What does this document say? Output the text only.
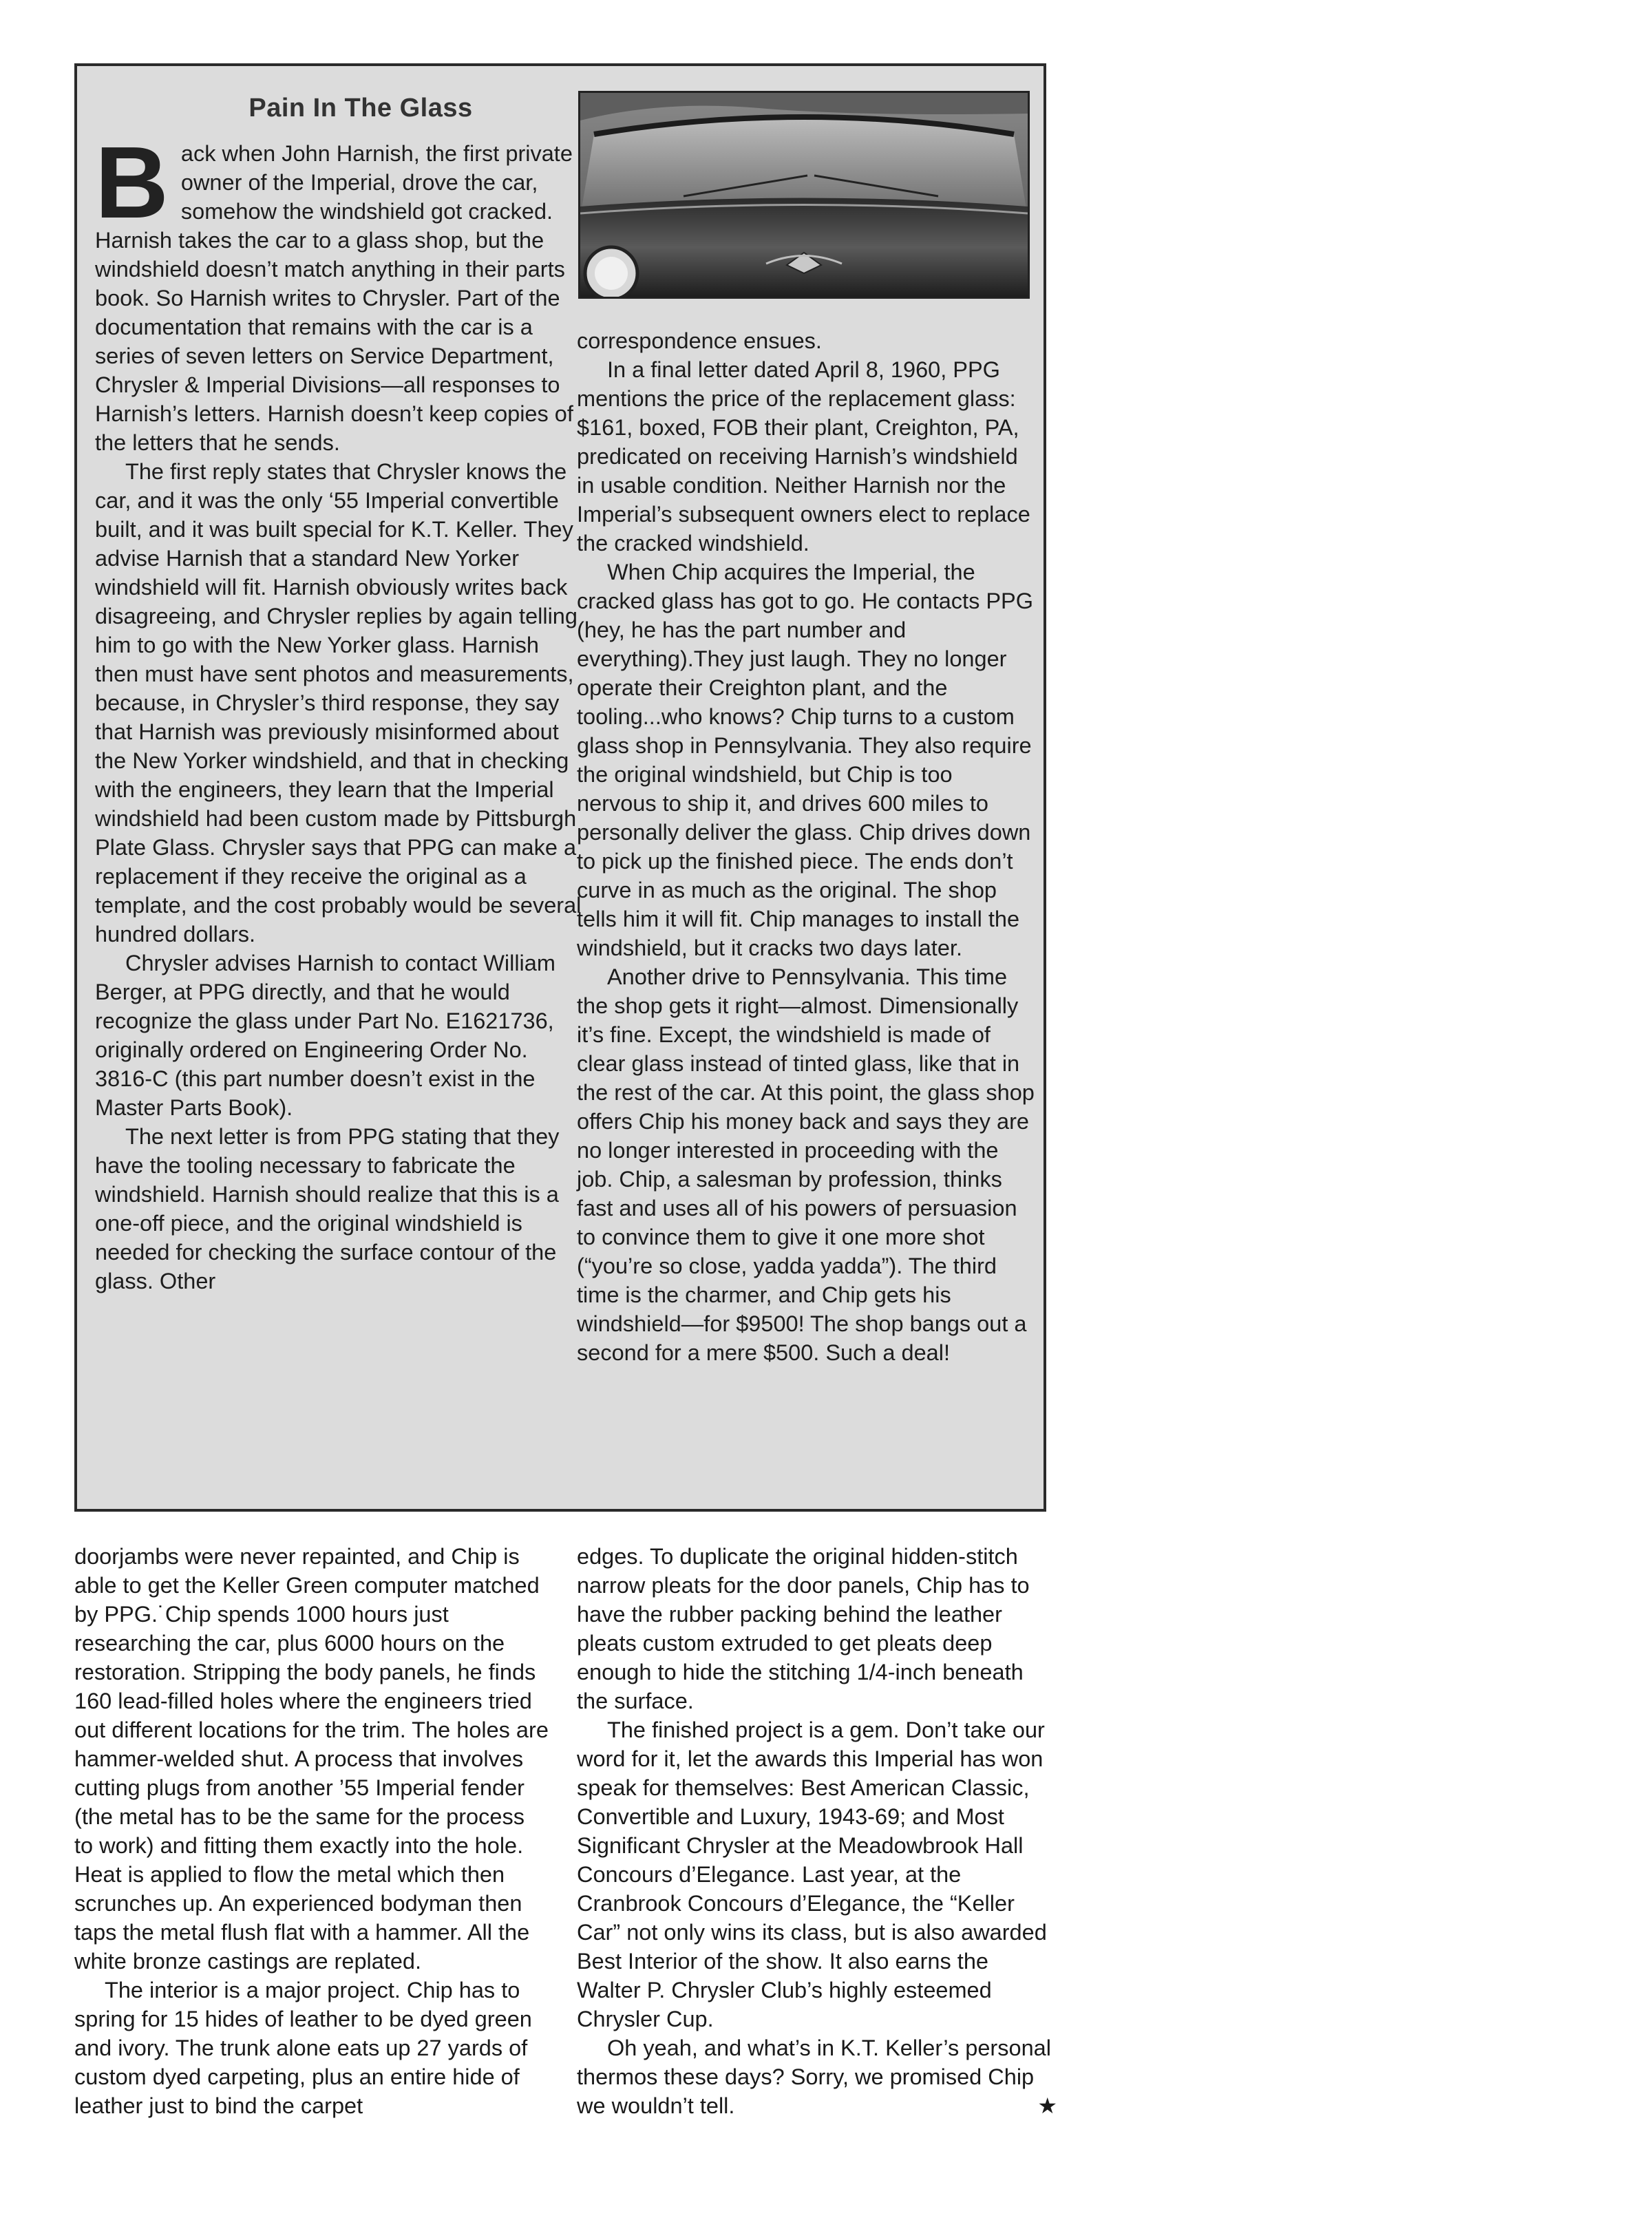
Pain In The Glass

Back when John Harnish, the first private owner of the Imperial, drove the car, somehow the windshield got cracked. Harnish takes the car to a glass shop, but the windshield doesn’t match anything in their parts book. So Harnish writes to Chrysler. Part of the documentation that remains with the car is a series of seven letters on Service Department, Chrysler & Imperial Divisions—all responses to Harnish’s letters. Harnish doesn’t keep copies of the letters that he sends.

The first reply states that Chrysler knows the car, and it was the only ‘55 Imperial convertible built, and it was built special for K.T. Keller. They advise Harnish that a standard New Yorker windshield will fit. Harnish obviously writes back disagreeing, and Chrysler replies by again telling him to go with the New Yorker glass. Harnish then must have sent photos and measurements, because, in Chrysler’s third response, they say that Harnish was previously misinformed about the New Yorker windshield, and that in checking with the engineers, they learn that the Imperial windshield had been custom made by Pittsburgh Plate Glass. Chrysler says that PPG can make a replacement if they receive the original as a template, and the cost probably would be several hundred dollars.

Chrysler advises Harnish to contact William Berger, at PPG directly, and that he would recognize the glass under Part No. E1621736, originally ordered on Engineering Order No. 3816-C (this part number doesn’t exist in the Master Parts Book).

The next letter is from PPG stating that they have the tooling necessary to fabricate the windshield. Harnish should realize that this is a one-off piece, and the original windshield is needed for checking the surface contour of the glass. Other

correspondence ensues.

In a final letter dated April 8, 1960, PPG mentions the price of the replacement glass: $161, boxed, FOB their plant, Creighton, PA, predicated on receiving Harnish’s windshield in usable condition. Neither Harnish nor the Imperial’s subsequent owners elect to replace the cracked windshield.

When Chip acquires the Imperial, the cracked glass has got to go. He contacts PPG (hey, he has the part number and everything).They just laugh. They no longer operate their Creighton plant, and the tooling...who knows? Chip turns to a custom glass shop in Pennsylvania. They also require the original windshield, but Chip is too nervous to ship it, and drives 600 miles to personally deliver the glass. Chip drives down to pick up the finished piece. The ends don’t curve in as much as the original. The shop tells him it will fit. Chip manages to install the windshield, but it cracks two days later.

Another drive to Pennsylvania. This time the shop gets it right—almost. Dimensionally it’s fine. Except, the windshield is made of clear glass instead of tinted glass, like that in the rest of the car. At this point, the glass shop offers Chip his money back and says they are no longer interested in proceeding with the job. Chip, a salesman by profession, thinks fast and uses all of his powers of persuasion to convince them to give it one more shot (“you’re so close, yadda yadda”). The third time is the charmer, and Chip gets his windshield—for $9500! The shop bangs out a second for a mere $500. Such a deal!

doorjambs were never repainted, and Chip is able to get the Keller Green computer matched by PPG.˙Chip spends 1000 hours just researching the car, plus 6000 hours on the restoration. Stripping the body panels, he finds 160 lead-filled holes where the engineers tried out different locations for the trim. The holes are hammer-welded shut. A process that involves cutting plugs from another ’55 Imperial fender (the metal has to be the same for the process to work) and fitting them exactly into the hole. Heat is applied to flow the metal which then scrunches up. An experienced bodyman then taps the metal flush flat with a hammer. All the white bronze castings are replated.

The interior is a major project. Chip has to spring for 15 hides of leather to be dyed green and ivory. The trunk alone eats up 27 yards of custom dyed carpeting, plus an entire hide of leather just to bind the carpet

edges. To duplicate the original hidden-stitch narrow pleats for the door panels, Chip has to have the rubber packing behind the leather pleats custom extruded to get pleats deep enough to hide the stitching 1/4-inch beneath the surface.

The finished project is a gem. Don’t take our word for it, let the awards this Imperial has won speak for themselves: Best American Classic, Convertible and Luxury, 1943-69; and Most Significant Chrysler at the Meadowbrook Hall Concours d’Elegance. Last year, at the Cranbrook Concours d’Elegance, the “Keller Car” not only wins its class, but is also awarded Best Interior of the show. It also earns the Walter P. Chrysler Club’s highly esteemed Chrysler Cup.

Oh yeah, and what’s in K.T. Keller’s personal thermos these days? Sorry, we promised Chip we wouldn’t tell.	★
